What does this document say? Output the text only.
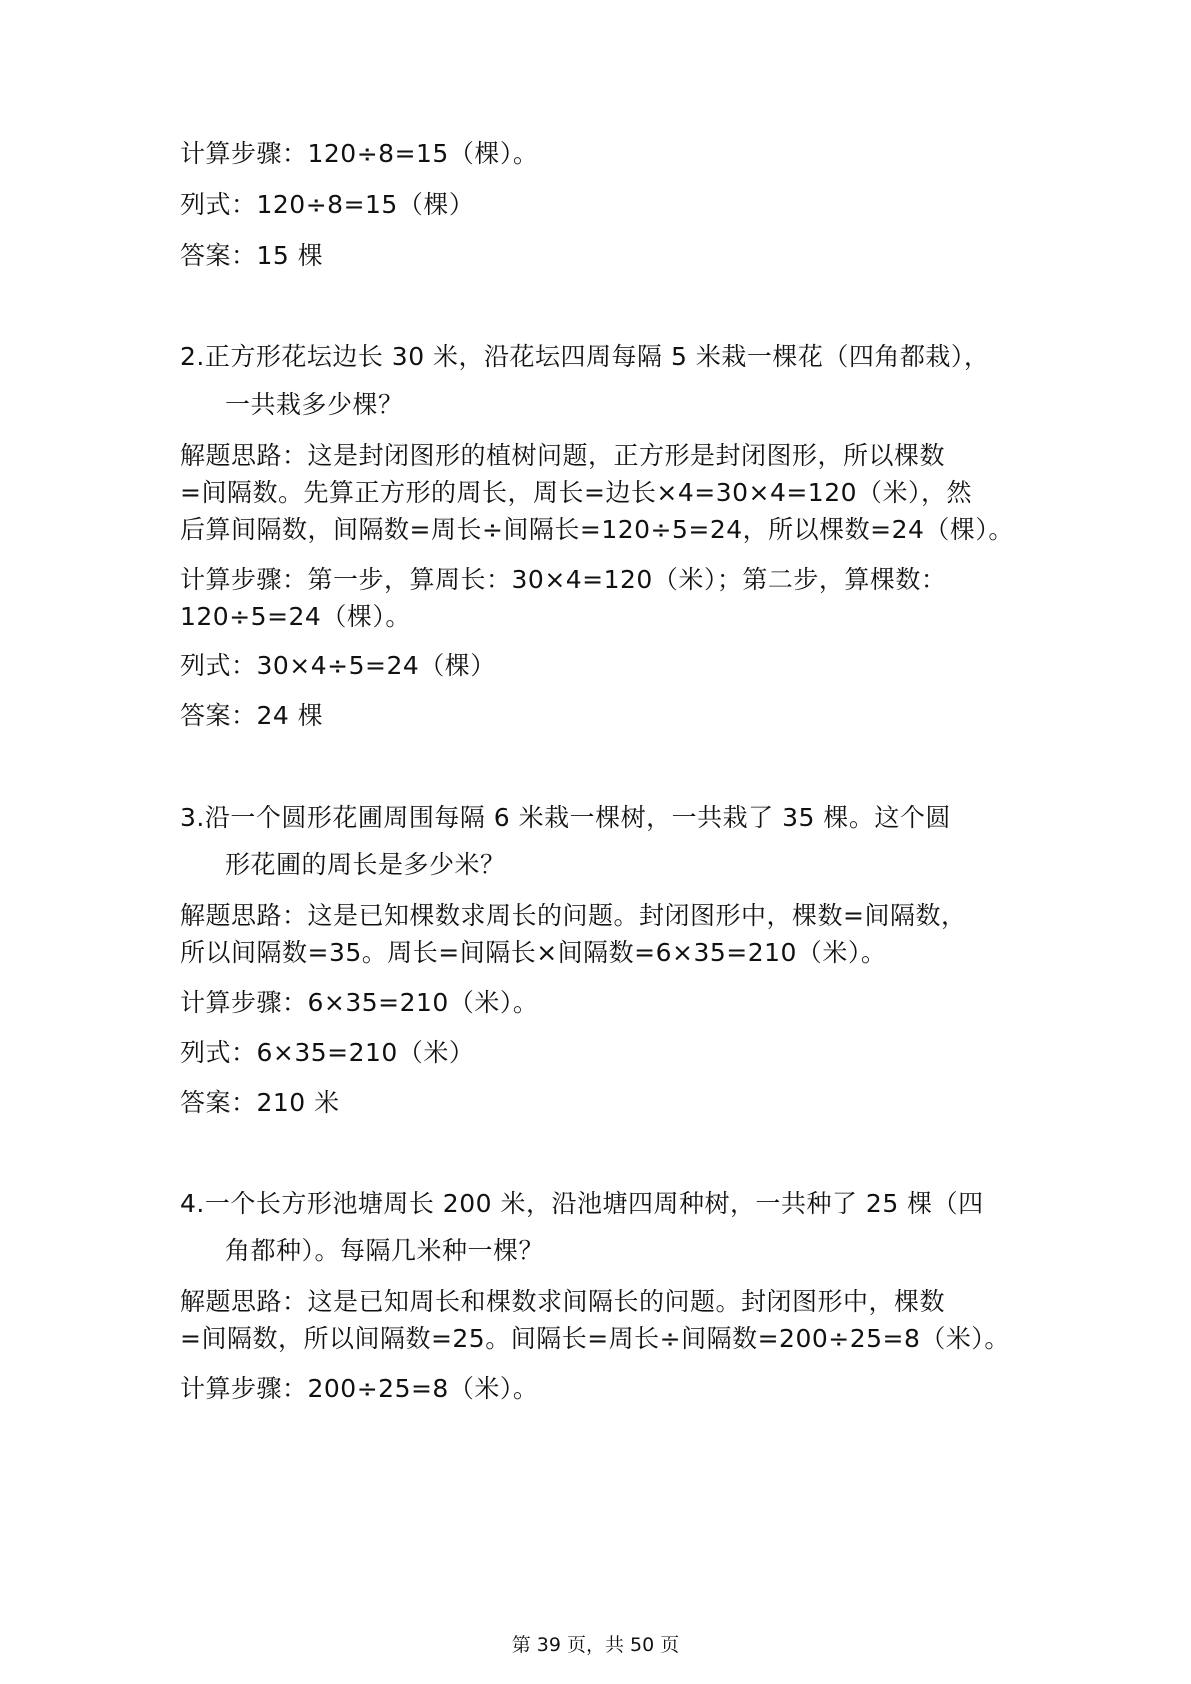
计算步骤：120÷8=15（棵）。
列式：120÷8=15（棵）
答案：15 棵
2.正方形花坛边长 30 米，沿花坛四周每隔 5 米栽一棵花（四角都栽），
一共栽多少棵？
解题思路：这是封闭图形的植树问题，正方形是封闭图形，所以棵数
=间隔数。先算正方形的周长，周长=边长×4=30×4=120（米），然
后算间隔数，间隔数=周长÷间隔长=120÷5=24，所以棵数=24（棵）。
计算步骤：第一步，算周长：30×4=120（米）；第二步，算棵数：
120÷5=24（棵）。
列式：30×4÷5=24（棵）
答案：24 棵
3.沿一个圆形花圃周围每隔 6 米栽一棵树，一共栽了 35 棵。这个圆
形花圃的周长是多少米？
解题思路：这是已知棵数求周长的问题。封闭图形中，棵数=间隔数，
所以间隔数=35。周长=间隔长×间隔数=6×35=210（米）。
计算步骤：6×35=210（米）。
列式：6×35=210（米）
答案：210 米
4.一个长方形池塘周长 200 米，沿池塘四周种树，一共种了 25 棵（四
角都种）。每隔几米种一棵？
解题思路：这是已知周长和棵数求间隔长的问题。封闭图形中，棵数
=间隔数，所以间隔数=25。间隔长=周长÷间隔数=200÷25=8（米）。
计算步骤：200÷25=8（米）。
第 39 页，共 50 页
